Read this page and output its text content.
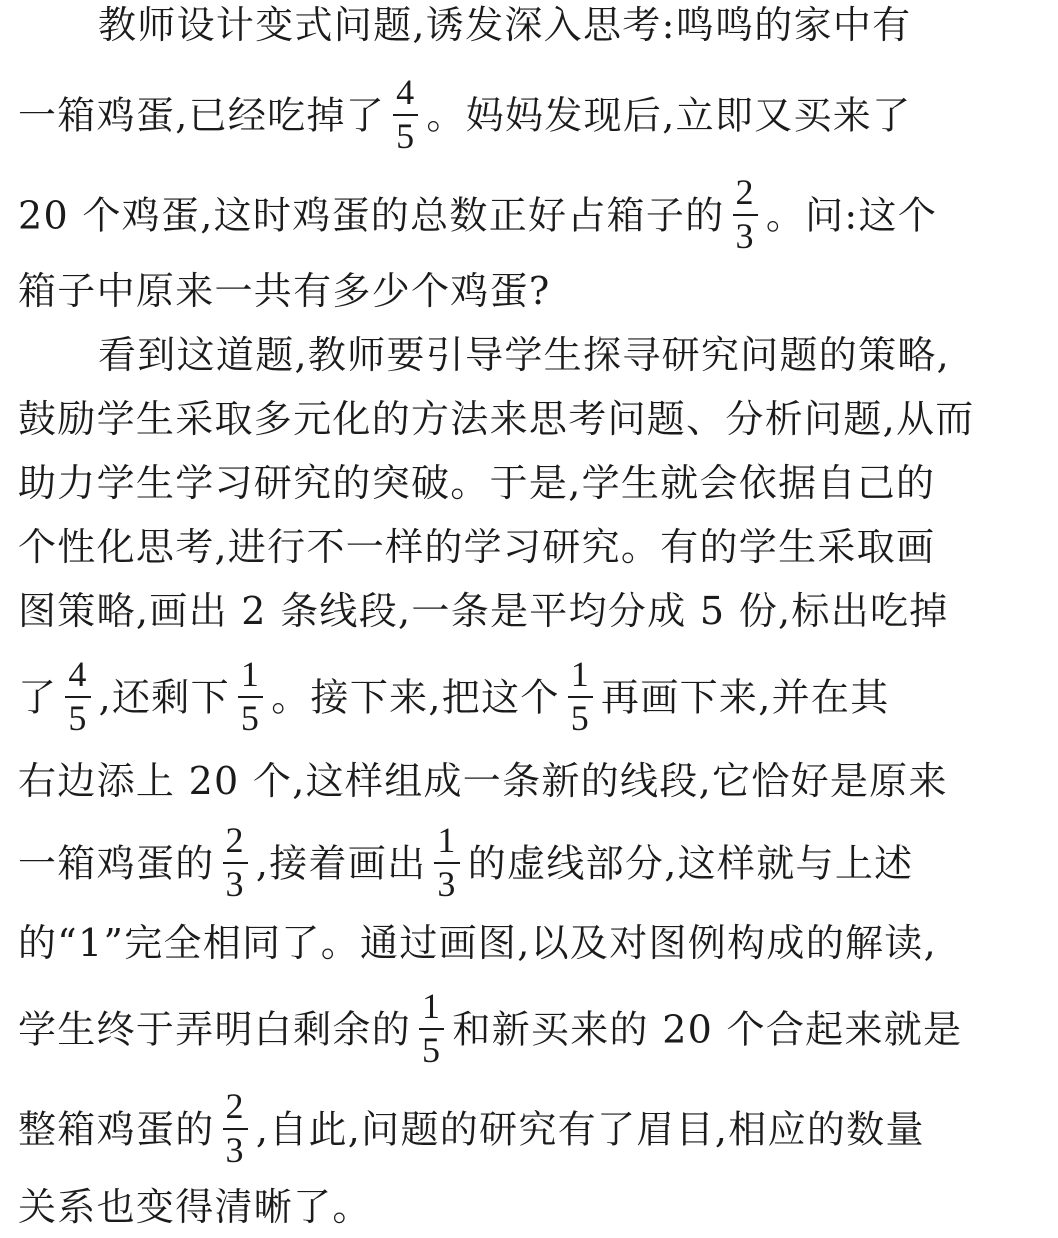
教师设计变式问题,诱发深入思考:鸣鸣的家中有
一箱鸡蛋,已经吃掉了 $\frac{4}{5}$ 。妈妈发现后,立即又买来了
20 个鸡蛋,这时鸡蛋的总数正好占箱子的 $\frac{2}{3}$ 。问:这个
箱子中原来一共有多少个鸡蛋?
看到这道题,教师要引导学生探寻研究问题的策略,
鼓励学生采取多元化的方法来思考问题、分析问题,从而
助力学生学习研究的突破。于是,学生就会依据自己的
个性化思考,进行不一样的学习研究。有的学生采取画
图策略,画出 2 条线段,一条是平均分成 5 份,标出吃掉
了 $\frac{4}{5}$ ,还剩下 $\frac{1}{5}$ 。接下来,把这个 $\frac{1}{5}$ 再画下来,并在其
右边添上 20 个,这样组成一条新的线段,它恰好是原来
一箱鸡蛋的 $\frac{2}{3}$ ,接着画出 $\frac{1}{3}$ 的虚线部分,这样就与上述
的“1”完全相同了。通过画图,以及对图例构成的解读,
学生终于弄明白剩余的 $\frac{1}{5}$ 和新买来的 20 个合起来就是
整箱鸡蛋的 $\frac{2}{3}$ ,自此,问题的研究有了眉目,相应的数量
关系也变得清晰了。
